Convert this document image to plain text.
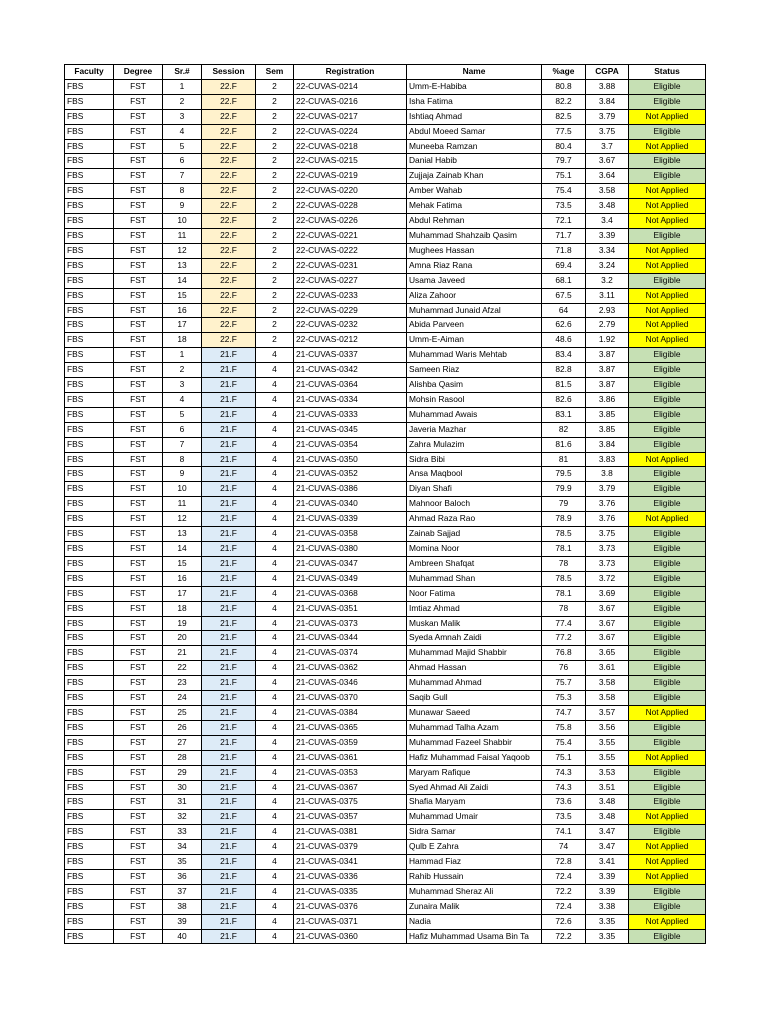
Faculty	Degree	Sr.#	Session	Sem	Registration	Name	%age	CGPA	Status
FBS	FST	1	22.F	2	22-CUVAS-0214	Umm-E-Habiba	80.8	3.88	Eligible
FBS	FST	2	22.F	2	22-CUVAS-0216	Isha Fatima	82.2	3.84	Eligible
FBS	FST	3	22.F	2	22-CUVAS-0217	Ishtiaq Ahmad	82.5	3.79	Not Applied
FBS	FST	4	22.F	2	22-CUVAS-0224	Abdul Moeed Samar	77.5	3.75	Eligible
FBS	FST	5	22.F	2	22-CUVAS-0218	Muneeba Ramzan	80.4	3.7	Not Applied
FBS	FST	6	22.F	2	22-CUVAS-0215	Danial Habib	79.7	3.67	Eligible
FBS	FST	7	22.F	2	22-CUVAS-0219	Zujjaja Zainab Khan	75.1	3.64	Eligible
FBS	FST	8	22.F	2	22-CUVAS-0220	Amber Wahab	75.4	3.58	Not Applied
FBS	FST	9	22.F	2	22-CUVAS-0228	Mehak Fatima	73.5	3.48	Not Applied
FBS	FST	10	22.F	2	22-CUVAS-0226	Abdul Rehman	72.1	3.4	Not Applied
FBS	FST	11	22.F	2	22-CUVAS-0221	Muhammad Shahzaib Qasim	71.7	3.39	Eligible
FBS	FST	12	22.F	2	22-CUVAS-0222	Mughees Hassan	71.8	3.34	Not Applied
FBS	FST	13	22.F	2	22-CUVAS-0231	Amna Riaz Rana	69.4	3.24	Not Applied
FBS	FST	14	22.F	2	22-CUVAS-0227	Usama Javeed	68.1	3.2	Eligible
FBS	FST	15	22.F	2	22-CUVAS-0233	Aliza Zahoor	67.5	3.11	Not Applied
FBS	FST	16	22.F	2	22-CUVAS-0229	Muhammad Junaid Afzal	64	2.93	Not Applied
FBS	FST	17	22.F	2	22-CUVAS-0232	Abida Parveen	62.6	2.79	Not Applied
FBS	FST	18	22.F	2	22-CUVAS-0212	Umm-E-Aiman	48.6	1.92	Not Applied
FBS	FST	1	21.F	4	21-CUVAS-0337	Muhammad Waris Mehtab	83.4	3.87	Eligible
FBS	FST	2	21.F	4	21-CUVAS-0342	Sameen Riaz	82.8	3.87	Eligible
FBS	FST	3	21.F	4	21-CUVAS-0364	Alishba Qasim	81.5	3.87	Eligible
FBS	FST	4	21.F	4	21-CUVAS-0334	Mohsin Rasool	82.6	3.86	Eligible
FBS	FST	5	21.F	4	21-CUVAS-0333	Muhammad Awais	83.1	3.85	Eligible
FBS	FST	6	21.F	4	21-CUVAS-0345	Javeria Mazhar	82	3.85	Eligible
FBS	FST	7	21.F	4	21-CUVAS-0354	Zahra Mulazim	81.6	3.84	Eligible
FBS	FST	8	21.F	4	21-CUVAS-0350	Sidra Bibi	81	3.83	Not Applied
FBS	FST	9	21.F	4	21-CUVAS-0352	Ansa Maqbool	79.5	3.8	Eligible
FBS	FST	10	21.F	4	21-CUVAS-0386	Diyan Shafi	79.9	3.79	Eligible
FBS	FST	11	21.F	4	21-CUVAS-0340	Mahnoor Baloch	79	3.76	Eligible
FBS	FST	12	21.F	4	21-CUVAS-0339	Ahmad Raza Rao	78.9	3.76	Not Applied
FBS	FST	13	21.F	4	21-CUVAS-0358	Zainab Sajjad	78.5	3.75	Eligible
FBS	FST	14	21.F	4	21-CUVAS-0380	Momina Noor	78.1	3.73	Eligible
FBS	FST	15	21.F	4	21-CUVAS-0347	Ambreen Shafqat	78	3.73	Eligible
FBS	FST	16	21.F	4	21-CUVAS-0349	Muhammad Shan	78.5	3.72	Eligible
FBS	FST	17	21.F	4	21-CUVAS-0368	Noor Fatima	78.1	3.69	Eligible
FBS	FST	18	21.F	4	21-CUVAS-0351	Imtiaz Ahmad	78	3.67	Eligible
FBS	FST	19	21.F	4	21-CUVAS-0373	Muskan Malik	77.4	3.67	Eligible
FBS	FST	20	21.F	4	21-CUVAS-0344	Syeda Amnah Zaidi	77.2	3.67	Eligible
FBS	FST	21	21.F	4	21-CUVAS-0374	Muhammad Majid Shabbir	76.8	3.65	Eligible
FBS	FST	22	21.F	4	21-CUVAS-0362	Ahmad Hassan	76	3.61	Eligible
FBS	FST	23	21.F	4	21-CUVAS-0346	Muhammad Ahmad	75.7	3.58	Eligible
FBS	FST	24	21.F	4	21-CUVAS-0370	Saqib Gull	75.3	3.58	Eligible
FBS	FST	25	21.F	4	21-CUVAS-0384	Munawar Saeed	74.7	3.57	Not Applied
FBS	FST	26	21.F	4	21-CUVAS-0365	Muhammad Talha Azam	75.8	3.56	Eligible
FBS	FST	27	21.F	4	21-CUVAS-0359	Muhammad Fazeel Shabbir	75.4	3.55	Eligible
FBS	FST	28	21.F	4	21-CUVAS-0361	Hafiz Muhammad Faisal Yaqoob	75.1	3.55	Not Applied
FBS	FST	29	21.F	4	21-CUVAS-0353	Maryam Rafique	74.3	3.53	Eligible
FBS	FST	30	21.F	4	21-CUVAS-0367	Syed Ahmad Ali Zaidi	74.3	3.51	Eligible
FBS	FST	31	21.F	4	21-CUVAS-0375	Shafia Maryam	73.6	3.48	Eligible
FBS	FST	32	21.F	4	21-CUVAS-0357	Muhammad Umair	73.5	3.48	Not Applied
FBS	FST	33	21.F	4	21-CUVAS-0381	Sidra Samar	74.1	3.47	Eligible
FBS	FST	34	21.F	4	21-CUVAS-0379	Qulb E Zahra	74	3.47	Not Applied
FBS	FST	35	21.F	4	21-CUVAS-0341	Hammad Fiaz	72.8	3.41	Not Applied
FBS	FST	36	21.F	4	21-CUVAS-0336	Rahib Hussain	72.4	3.39	Not Applied
FBS	FST	37	21.F	4	21-CUVAS-0335	Muhammad Sheraz Ali	72.2	3.39	Eligible
FBS	FST	38	21.F	4	21-CUVAS-0376	Zunaira Malik	72.4	3.38	Eligible
FBS	FST	39	21.F	4	21-CUVAS-0371	Nadia	72.6	3.35	Not Applied
FBS	FST	40	21.F	4	21-CUVAS-0360	Hafiz Muhammad Usama Bin Ta	72.2	3.35	Eligible
